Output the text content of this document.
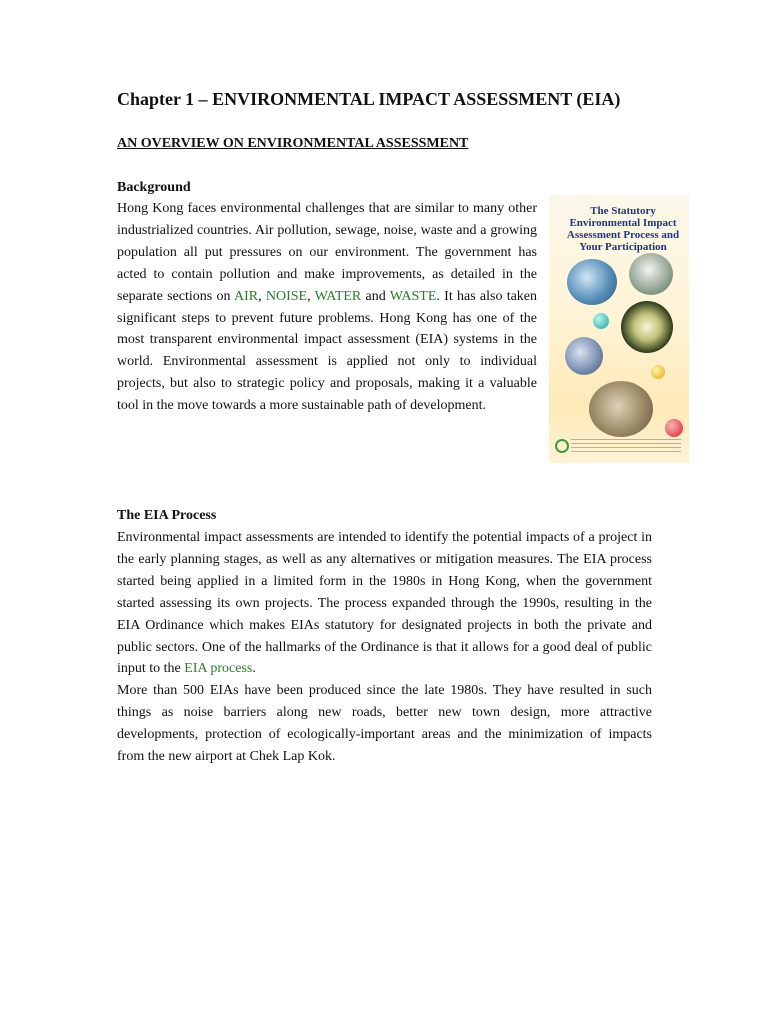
Chapter 1 – ENVIRONMENTAL IMPACT ASSESSMENT (EIA)
AN OVERVIEW ON ENVIRONMENTAL ASSESSMENT
Background

Hong Kong faces environmental challenges that are similar to many other industrialized countries. Air pollution, sewage, noise, waste and a growing population all put pressures on our environment. The government has acted to contain pollution and make improvements, as detailed in the separate sections on AIR, NOISE, WATER and WASTE. It has also taken significant steps to prevent future problems. Hong Kong has one of the most transparent environmental impact assessment (EIA) systems in the world. Environmental assessment is applied not only to individual projects, but also to strategic policy and proposals, making it a valuable tool in the move towards a more sustainable path of development.

The Statutory Environmental Impact Assessment Process and Your Participation

The EIA Process

Environmental impact assessments are intended to identify the potential impacts of a project in the early planning stages, as well as any alternatives or mitigation measures. The EIA process started being applied in a limited form in the 1980s in Hong Kong, when the government started assessing its own projects. The process expanded through the 1990s, resulting in the EIA Ordinance which makes EIAs statutory for designated projects in both the private and public sectors. One of the hallmarks of the Ordinance is that it allows for a good deal of public input to the EIA process.

More than 500 EIAs have been produced since the late 1980s. They have resulted in such things as noise barriers along new roads, better new town design, more attractive developments, protection of ecologically-important areas and the minimization of impacts from the new airport at Chek Lap Kok.
